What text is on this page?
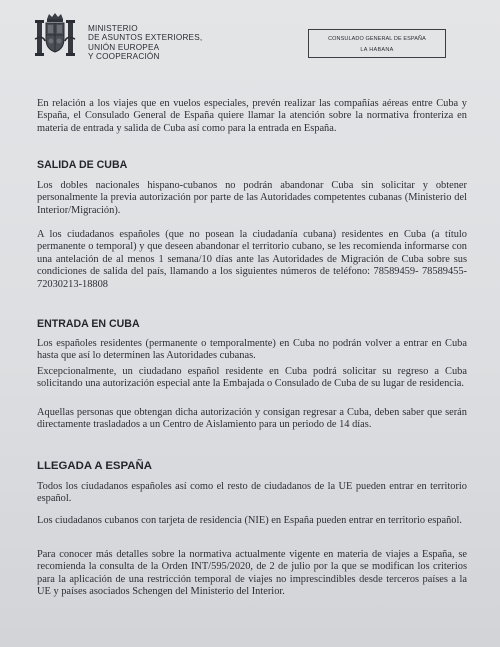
MINISTERIO
DE ASUNTOS EXTERIORES,
UNIÓN EUROPEA
Y COOPERACIÓN
CONSULADO GENERAL DE ESPAÑA
LA HABANA

En relación a los viajes que en vuelos especiales, prevén realizar las compañías aéreas entre Cuba y España, el Consulado General de España quiere llamar la atención sobre la normativa fronteriza en materia de entrada y salida de Cuba así como para la entrada en España.

SALIDA DE CUBA

Los dobles nacionales hispano-cubanos no podrán abandonar Cuba sin solicitar y obtener personalmente la previa autorización por parte de las Autoridades competentes cubanas (Ministerio del Interior/Migración).

A los ciudadanos españoles (que no posean la ciudadanía cubana) residentes en Cuba (a título permanente o temporal) y que deseen abandonar el territorio cubano, se les recomienda informarse con una antelación de al menos 1 semana/10 días ante las Autoridades de Migración de Cuba sobre sus condiciones de salida del país, llamando a los siguientes números de teléfono: 78589459- 78589455- 72030213-18808

ENTRADA EN CUBA

Los españoles residentes (permanente o temporalmente) en Cuba no podrán volver a entrar en Cuba hasta que así lo determinen las Autoridades cubanas.

Excepcionalmente, un ciudadano español residente en Cuba podrá solicitar su regreso a Cuba solicitando una autorización especial ante la Embajada o Consulado de Cuba de su lugar de residencia.

Aquellas personas que obtengan dicha autorización y consigan regresar a Cuba, deben saber que serán directamente trasladados a un Centro de Aislamiento para un periodo de 14 días.

LLEGADA A ESPAÑA

Todos los ciudadanos españoles así como el resto de ciudadanos de la UE pueden entrar en territorio español.

Los ciudadanos cubanos con tarjeta de residencia (NIE) en España pueden entrar en territorio español.

Para conocer más detalles sobre la normativa actualmente vigente en materia de viajes a España, se recomienda la consulta de la Orden INT/595/2020, de 2 de julio por la que se modifican los criterios para la aplicación de una restricción temporal de viajes no imprescindibles desde terceros países a la UE y países asociados Schengen del Ministerio del Interior.
